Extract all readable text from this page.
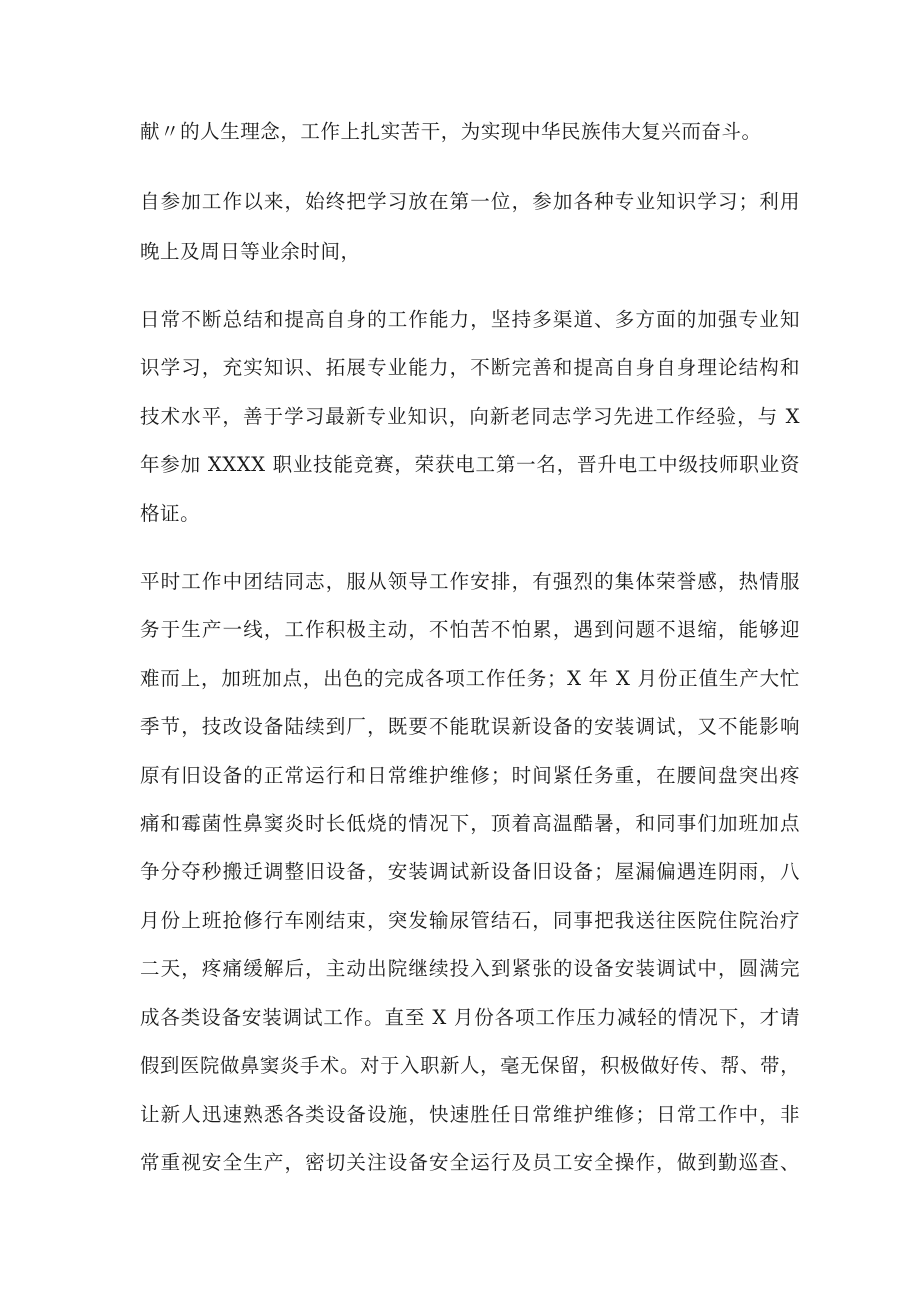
献〃的人生理念，工作上扎实苦干，为实现中华民族伟大复兴而奋斗。
自参加工作以来，始终把学习放在第一位，参加各种专业知识学习；利用
晚上及周日等业余时间，
日常不断总结和提高自身的工作能力，坚持多渠道、多方面的加强专业知
识学习，充实知识、拓展专业能力，不断完善和提高自身自身理论结构和
技术水平，善于学习最新专业知识，向新老同志学习先进工作经验，与 X
年参加 XXXX 职业技能竞赛，荣获电工第一名，晋升电工中级技师职业资
格证。
平时工作中团结同志，服从领导工作安排，有强烈的集体荣誉感，热情服
务于生产一线，工作积极主动，不怕苦不怕累，遇到问题不退缩，能够迎
难而上，加班加点，出色的完成各项工作任务；X 年 X 月份正值生产大忙
季节，技改设备陆续到厂，既要不能耽误新设备的安装调试，又不能影响
原有旧设备的正常运行和日常维护维修；时间紧任务重，在腰间盘突出疼
痛和霉菌性鼻窦炎时长低烧的情况下，顶着高温酷暑，和同事们加班加点
争分夺秒搬迁调整旧设备，安装调试新设备旧设备；屋漏偏遇连阴雨，八
月份上班抢修行车刚结束，突发输尿管结石，同事把我送往医院住院治疗
二天，疼痛缓解后，主动出院继续投入到紧张的设备安装调试中，圆满完
成各类设备安装调试工作。直至 X 月份各项工作压力减轻的情况下，才请
假到医院做鼻窦炎手术。对于入职新人，毫无保留，积极做好传、帮、带，
让新人迅速熟悉各类设备设施，快速胜任日常维护维修；日常工作中，非
常重视安全生产，密切关注设备安全运行及员工安全操作，做到勤巡查、
